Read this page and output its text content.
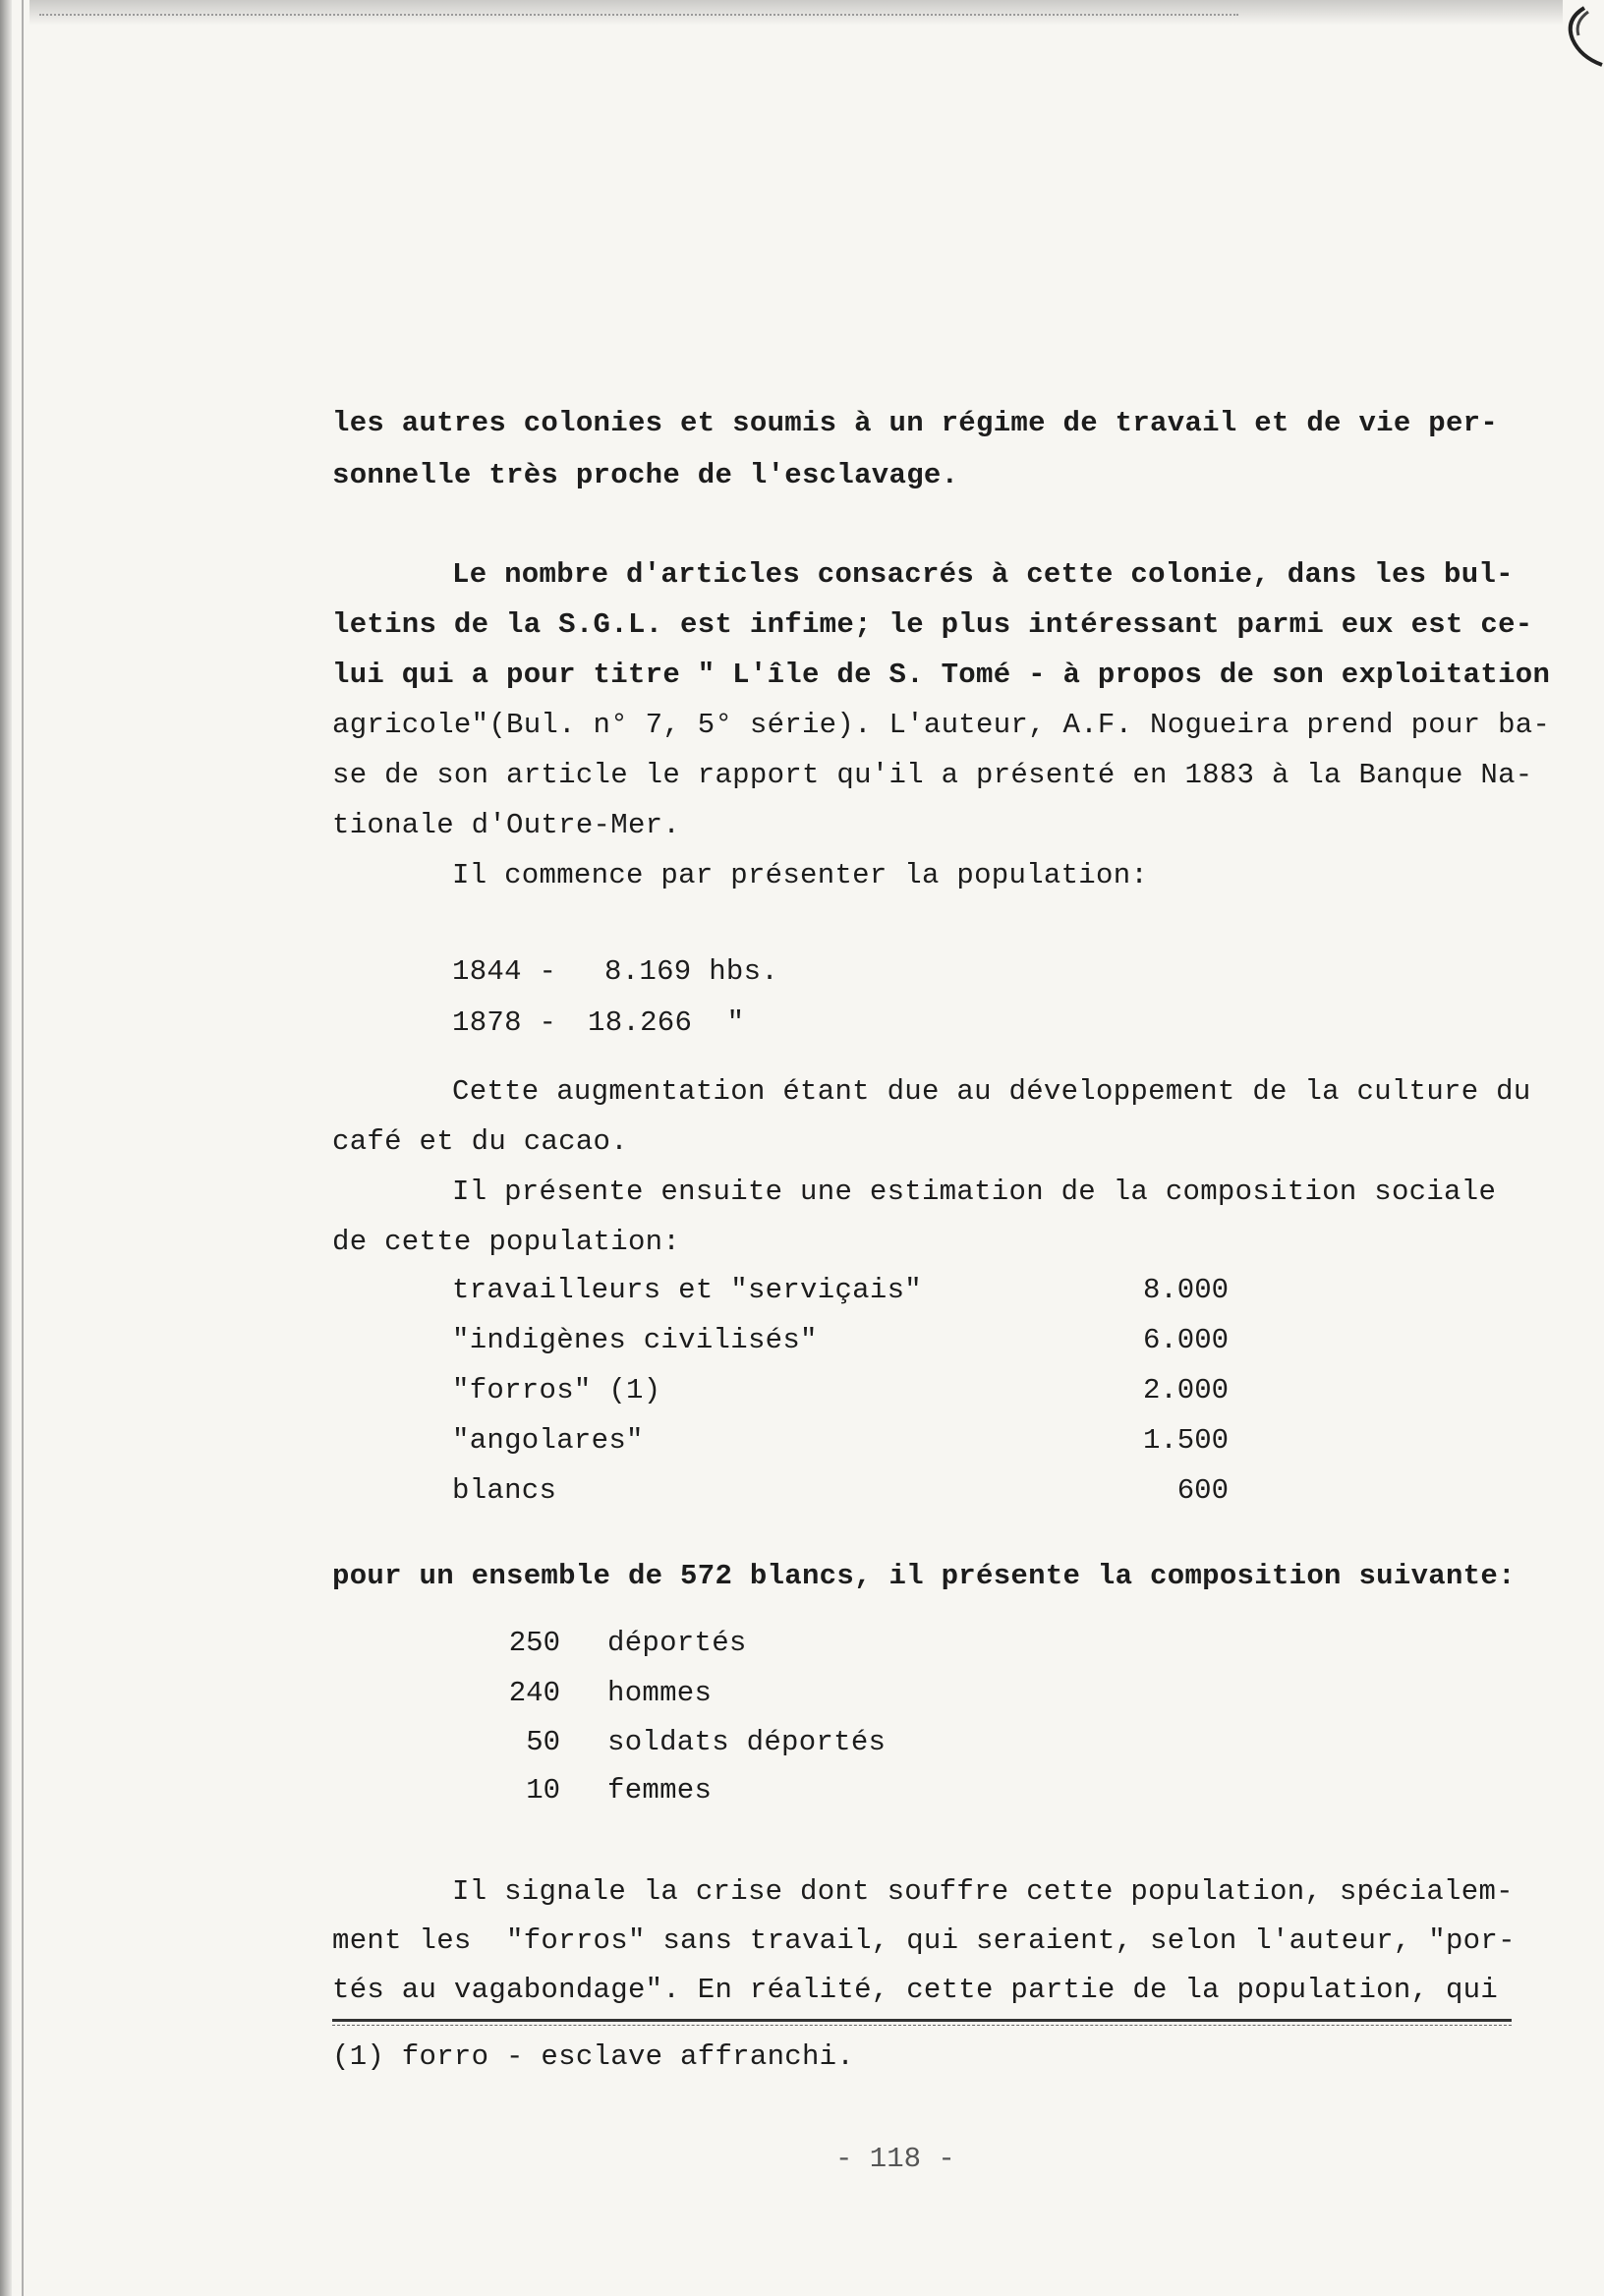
les autres colonies et soumis à un régime de travail et de vie per-
sonnelle très proche de l'esclavage.
Le nombre d'articles consacrés à cette colonie, dans les bul-
letins de la S.G.L. est infime; le plus intéressant parmi eux est ce-
lui qui a pour titre " L'île de S. Tomé - à propos de son exploitation
agricole"(Bul. n° 7, 5° série). L'auteur, A.F. Nogueira prend pour ba-
se de son article le rapport qu'il a présenté en 1883 à la Banque Na-
tionale d'Outre-Mer.
Il commence par présenter la population:
1844 - 8.169 hbs.
1878 - 18.266  "
Cette augmentation étant due au développement de la culture du
café et du cacao.
Il présente ensuite une estimation de la composition sociale
de cette population:
travailleurs et "serviçais"	8.000
"indigènes civilisés"	6.000
"forros" (1)	2.000
"angolares"	1.500
blancs	600
pour un ensemble de 572 blancs, il présente la composition suivante:
250 déportés
240 hommes
50 soldats déportés
10 femmes
Il signale la crise dont souffre cette population, spécialem-
ment les  "forros" sans travail, qui seraient, selon l'auteur, "por-
tés au vagabondage". En réalité, cette partie de la population, qui
(1) forro - esclave affranchi.
- 118 -
